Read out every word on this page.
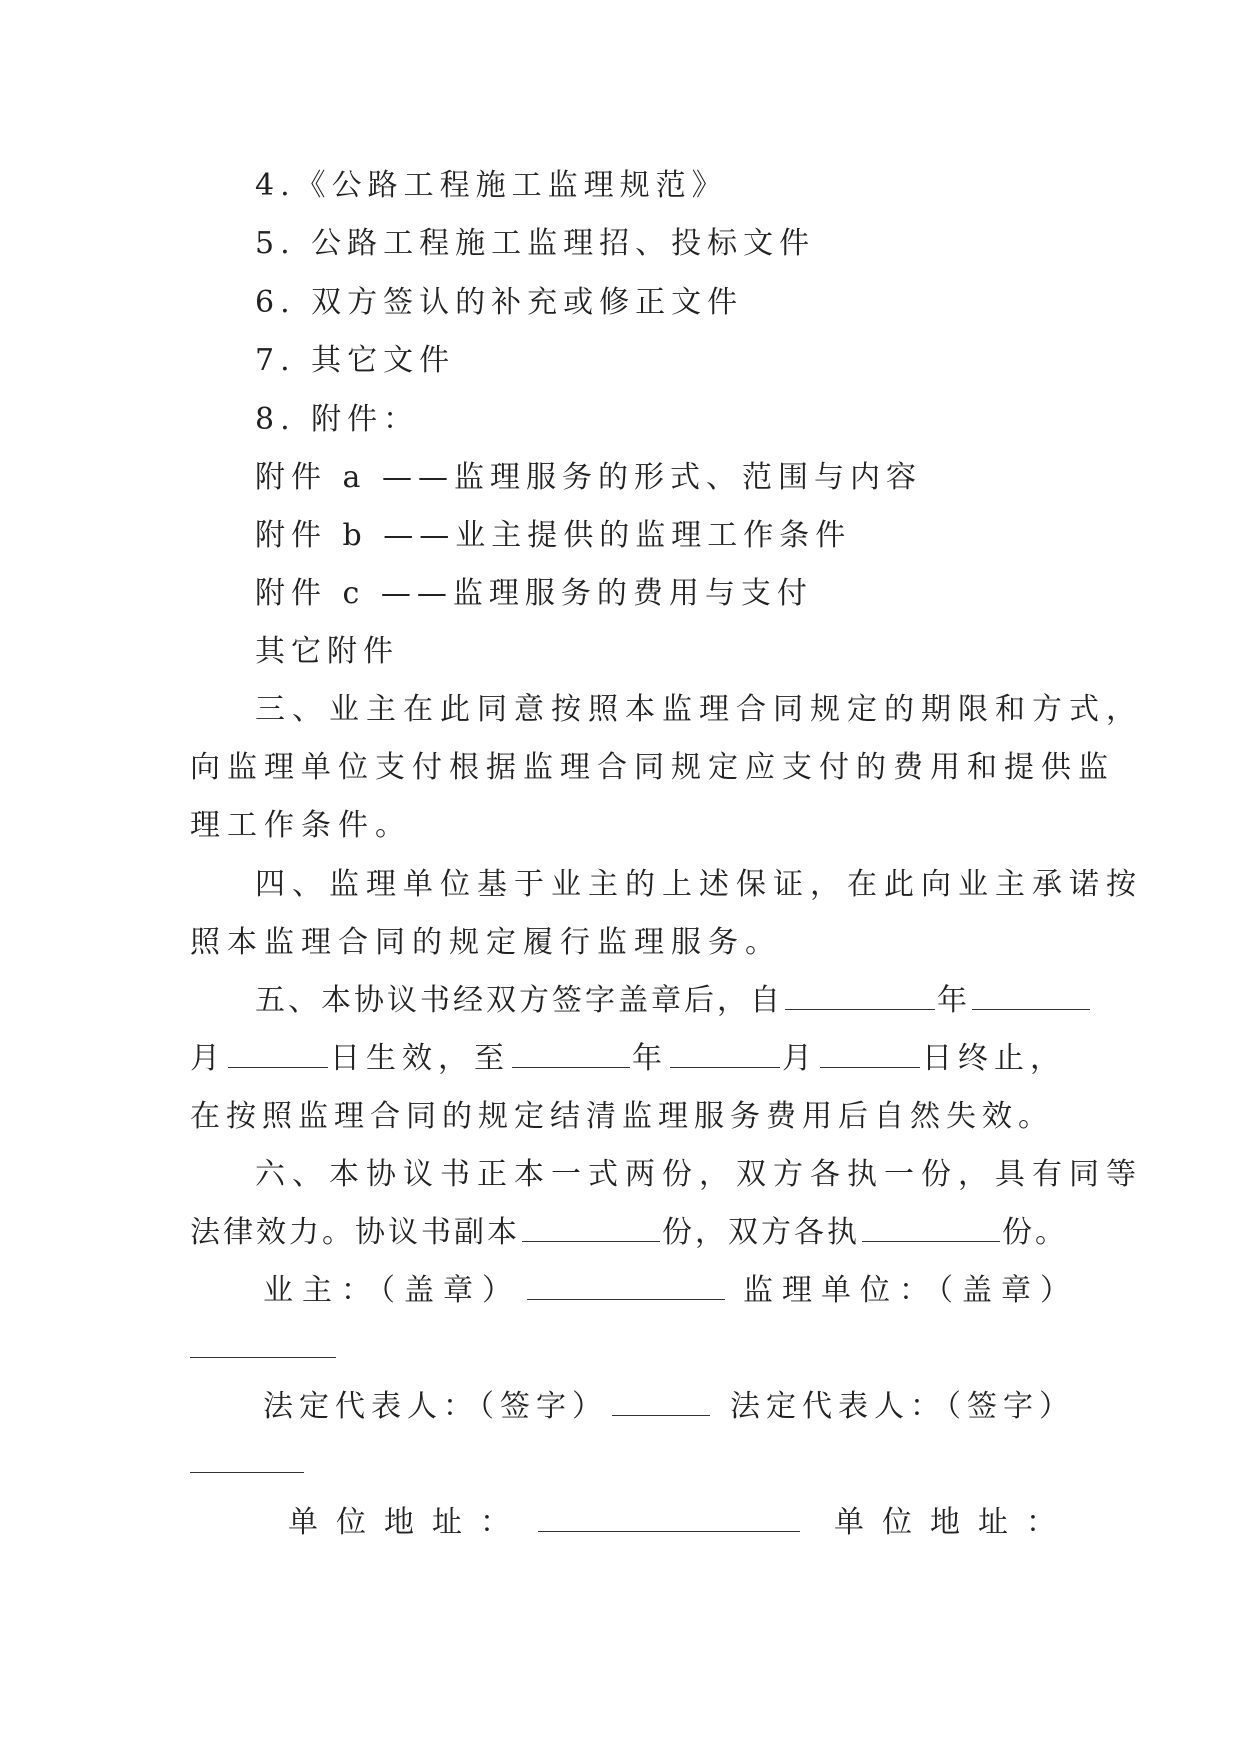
4.《公路工程施工监理规范》
5. 公路工程施工监理招、投标文件
6. 双方签认的补充或修正文件
7. 其它文件
8. 附件：
附件 a ——监理服务的形式、范围与内容
附件 b ——业主提供的监理工作条件
附件 c ——监理服务的费用与支付
其它附件
三、业主在此同意按照本监理合同规定的期限和方式，
向监理单位支付根据监理合同规定应支付的费用和提供监
理工作条件。
四、监理单位基于业主的上述保证，在此向业主承诺按
照本监理合同的规定履行监理服务。
五、本协议书经双方签字盖章后，自	年
月	日生效，至	年	月	日终止，
在按照监理合同的规定结清监理服务费用后自然失效。
六、本协议书正本一式两份，双方各执一份，具有同等
法律效力。协议书副本	份，双方各执	份。
业主：（盖章）	监理单位：（盖章）
法定代表人：（签字）	法定代表人：（签字）
单位地址：	单位地址：
